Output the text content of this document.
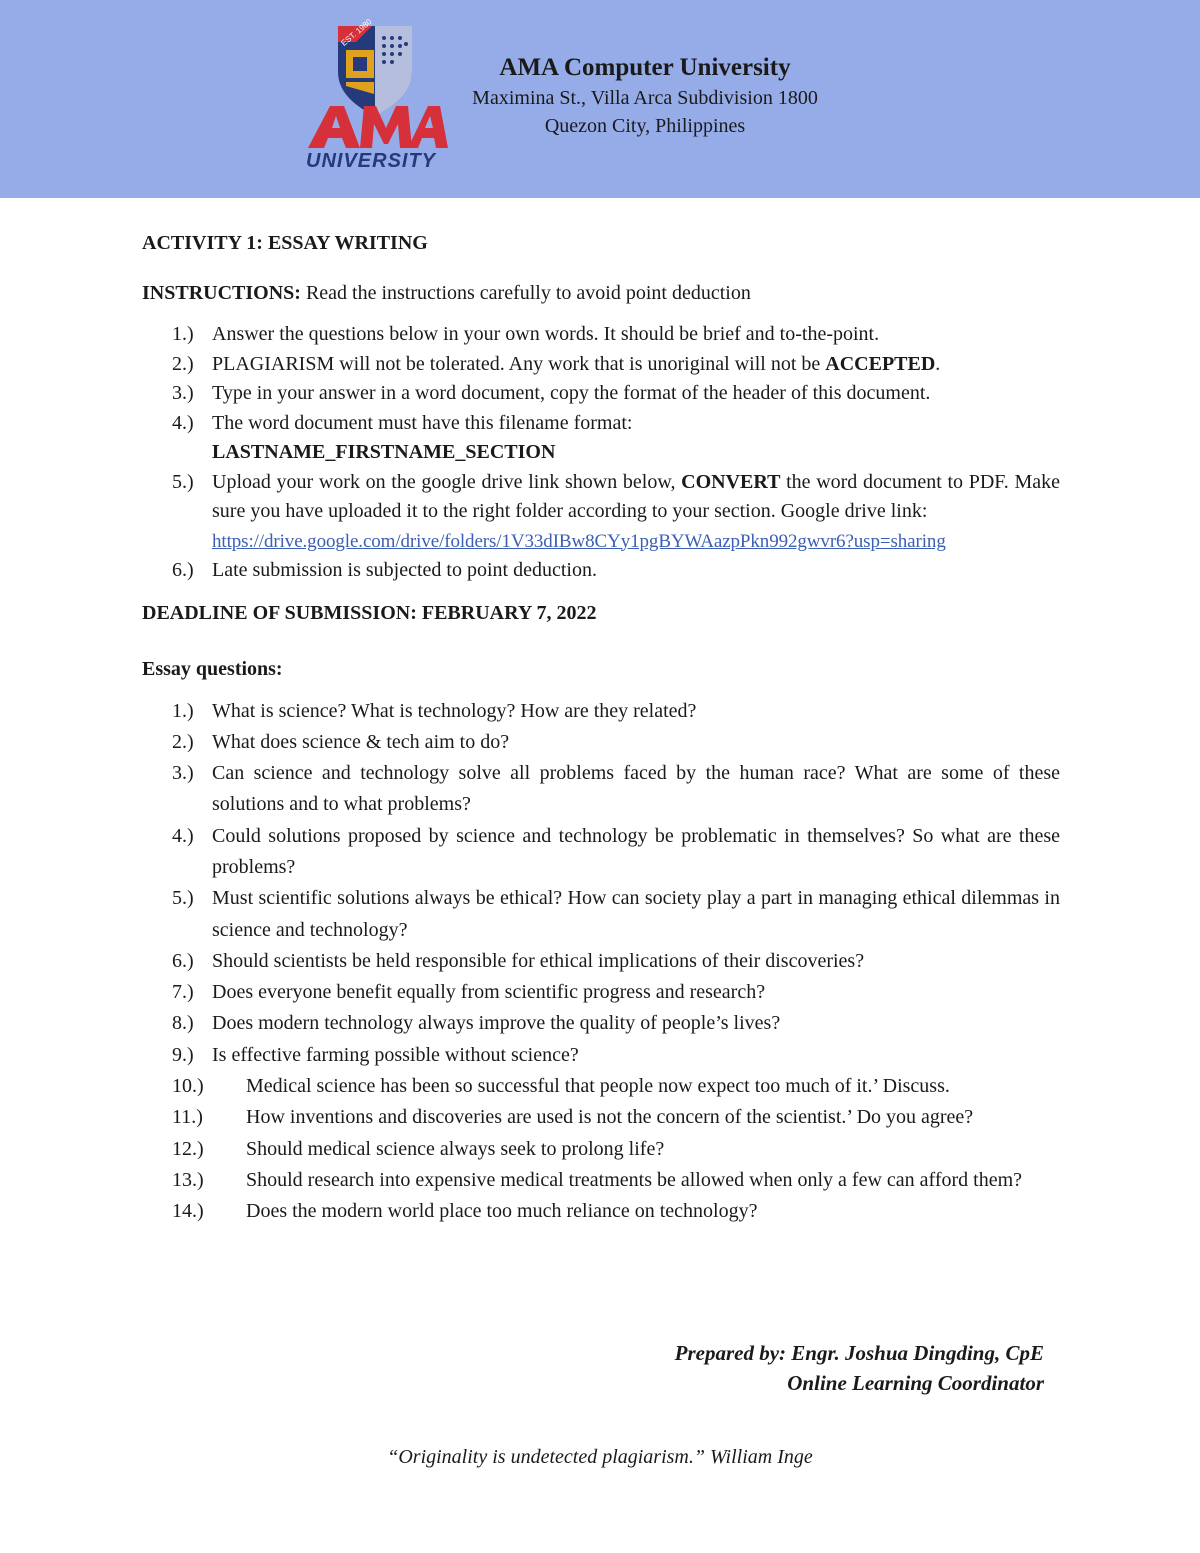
UNIVERSITY
EST. 1980
AMA Computer University
Maximina St., Villa Arca Subdivision 1800
Quezon City, Philippines

ACTIVITY 1: ESSAY WRITING

INSTRUCTIONS: Read the instructions carefully to avoid point deduction

1.) Answer the questions below in your own words. It should be brief and to-the-point.
2.) PLAGIARISM will not be tolerated. Any work that is unoriginal will not be ACCEPTED.
3.) Type in your answer in a word document, copy the format of the header of this document.
4.) The word document must have this filename format:
LASTNAME_FIRSTNAME_SECTION
5.) Upload your work on the google drive link shown below, CONVERT the word document to PDF. Make sure you have uploaded it to the right folder according to your section. Google drive link:
https://drive.google.com/drive/folders/1V33dIBw8CYy1pgBYWAazpPkn992gwvr6?usp=sharing
6.) Late submission is subjected to point deduction.

DEADLINE OF SUBMISSION: FEBRUARY 7, 2022

Essay questions:

1.) What is science? What is technology? How are they related?
2.) What does science & tech aim to do?
3.) Can science and technology solve all problems faced by the human race? What are some of these solutions and to what problems?
4.) Could solutions proposed by science and technology be problematic in themselves? So what are these problems?
5.) Must scientific solutions always be ethical? How can society play a part in managing ethical dilemmas in science and technology?
6.) Should scientists be held responsible for ethical implications of their discoveries?
7.) Does everyone benefit equally from scientific progress and research?
8.) Does modern technology always improve the quality of people’s lives?
9.) Is effective farming possible without science?
10.) Medical science has been so successful that people now expect too much of it.’ Discuss.
11.) How inventions and discoveries are used is not the concern of the scientist.’ Do you agree?
12.) Should medical science always seek to prolong life?
13.) Should research into expensive medical treatments be allowed when only a few can afford them?
14.) Does the modern world place too much reliance on technology?
Prepared by: Engr. Joshua Dingding, CpE
Online Learning Coordinator
“Originality is undetected plagiarism.” William Inge
